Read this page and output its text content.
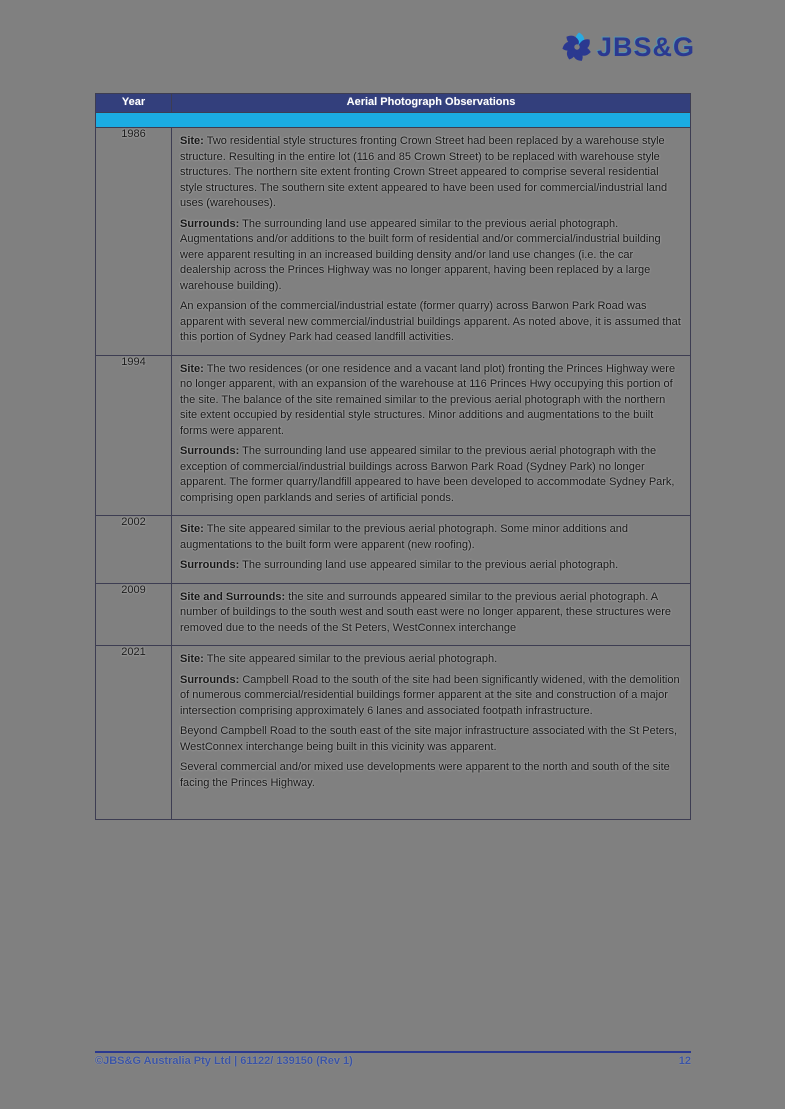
JBS&G
Year	Aerial Photograph Observations

1986	Site: Two residential style structures fronting Crown Street had been replaced by a warehouse style structure. Resulting in the entire lot (116 and 85 Crown Street) to be replaced with warehouse style structures. The northern site extent fronting Crown Street appeared to comprise several residential style structures. The southern site extent appeared to have been used for commercial/industrial land uses (warehouses).

Surrounds: The surrounding land use appeared similar to the previous aerial photograph. Augmentations and/or additions to the built form of residential and/or commercial/industrial building were apparent resulting in an increased building density and/or land use changes (i.e. the car dealership across the Princes Highway was no longer apparent, having been replaced by a large warehouse building).

An expansion of the commercial/industrial estate (former quarry) across Barwon Park Road was apparent with several new commercial/industrial buildings apparent. As noted above, it is assumed that this portion of Sydney Park had ceased landfill activities.

1994	Site: The two residences (or one residence and a vacant land plot) fronting the Princes Highway were no longer apparent, with an expansion of the warehouse at 116 Princes Hwy occupying this portion of the site. The balance of the site remained similar to the previous aerial photograph with the northern site extent occupied by residential style structures. Minor additions and augmentations to the built forms were apparent.

Surrounds: The surrounding land use appeared similar to the previous aerial photograph with the exception of commercial/industrial buildings across Barwon Park Road (Sydney Park) no longer apparent. The former quarry/landfill appeared to have been developed to accommodate Sydney Park, comprising open parklands and series of artificial ponds.

2002	Site: The site appeared similar to the previous aerial photograph. Some minor additions and augmentations to the built form were apparent (new roofing).

Surrounds: The surrounding land use appeared similar to the previous aerial photograph.

2009	Site and Surrounds: the site and surrounds appeared similar to the previous aerial photograph. A number of buildings to the south west and south east were no longer apparent, these structures were removed due to the needs of the St Peters, WestConnex interchange

2021	Site: The site appeared similar to the previous aerial photograph.

Surrounds: Campbell Road to the south of the site had been significantly widened, with the demolition of numerous commercial/residential buildings former apparent at the site and construction of a major intersection comprising approximately 6 lanes and associated footpath infrastructure.

Beyond Campbell Road to the south east of the site major infrastructure associated with the St Peters, WestConnex interchange being built in this vicinity was apparent.

Several commercial and/or mixed use developments were apparent to the north and south of the site facing the Princes Highway.

©JBS&G Australia Pty Ltd | 61122/ 139150 (Rev 1)	12
